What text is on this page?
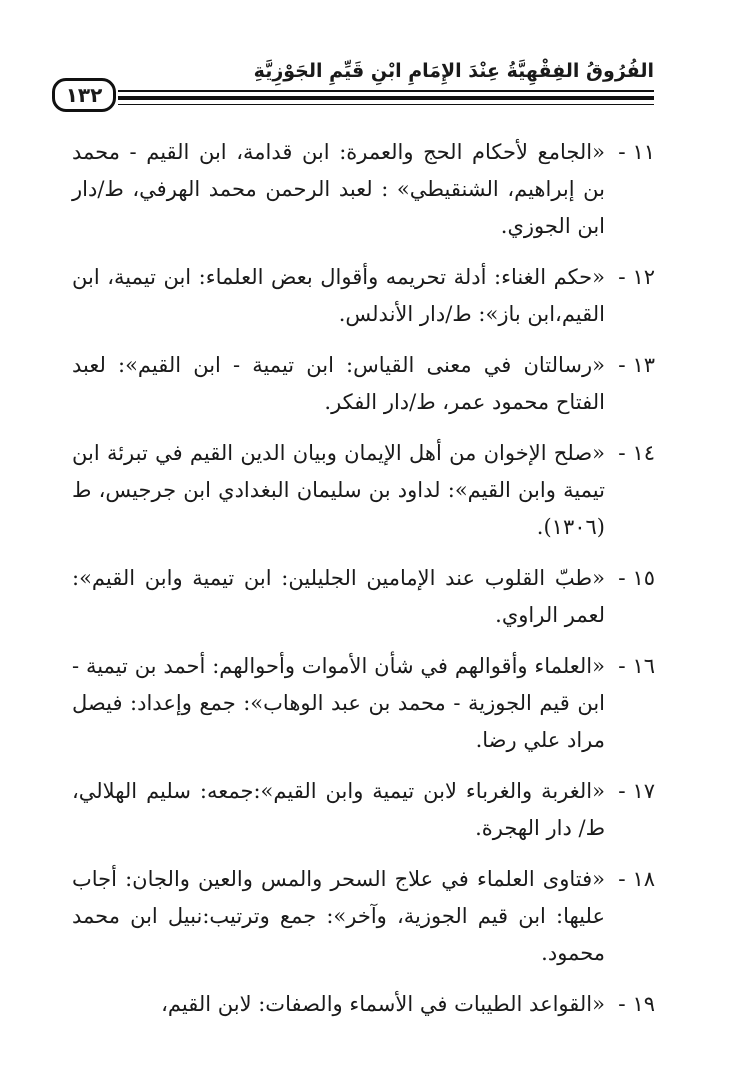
الفُرُوقُ الفِقْهِيَّةُ عِنْدَ الإِمَامِ ابْنِ قَيِّمِ الجَوْزِيَّةِ
١٣٢
١١ -
«الجامع لأحكام الحج والعمرة: ابن قدامة، ابن القيم - محمد بن إبراهيم، الشنقيطي» : لعبد الرحمن محمد الهرفي، ط/دار ابن الجوزي.
١٢ -
«حكم الغناء: أدلة تحريمه وأقوال بعض العلماء: ابن تيمية، ابن القيم،ابن باز»: ط/دار الأندلس.
١٣ -
«رسالتان في معنى القياس: ابن تيمية - ابن القيم»: لعبد الفتاح محمود عمر، ط/دار الفكر.
١٤ -
«صلح الإخوان من أهل الإيمان وبيان الدين القيم في تبرئة ابن تيمية وابن القيم»: لداود بن سليمان البغدادي ابن جرجيس، ط (١٣٠٦).
١٥ -
«طبّ القلوب عند الإمامين الجليلين: ابن تيمية وابن القيم»: لعمر الراوي.
١٦ -
«العلماء وأقوالهم في شأن الأموات وأحوالهم: أحمد بن تيمية - ابن قيم الجوزية - محمد بن عبد الوهاب»: جمع وإعداد: فيصل مراد علي رضا.
١٧ -
«الغربة والغرباء لابن تيمية وابن القيم»:جمعه: سليم الهلالي، ط/ دار الهجرة.
١٨ -
«فتاوى العلماء في علاج السحر والمس والعين والجان: أجاب عليها: ابن قيم الجوزية، وآخر»: جمع وترتيب:نبيل ابن محمد محمود.
١٩ -
«القواعد الطيبات في الأسماء والصفات: لابن القيم،
